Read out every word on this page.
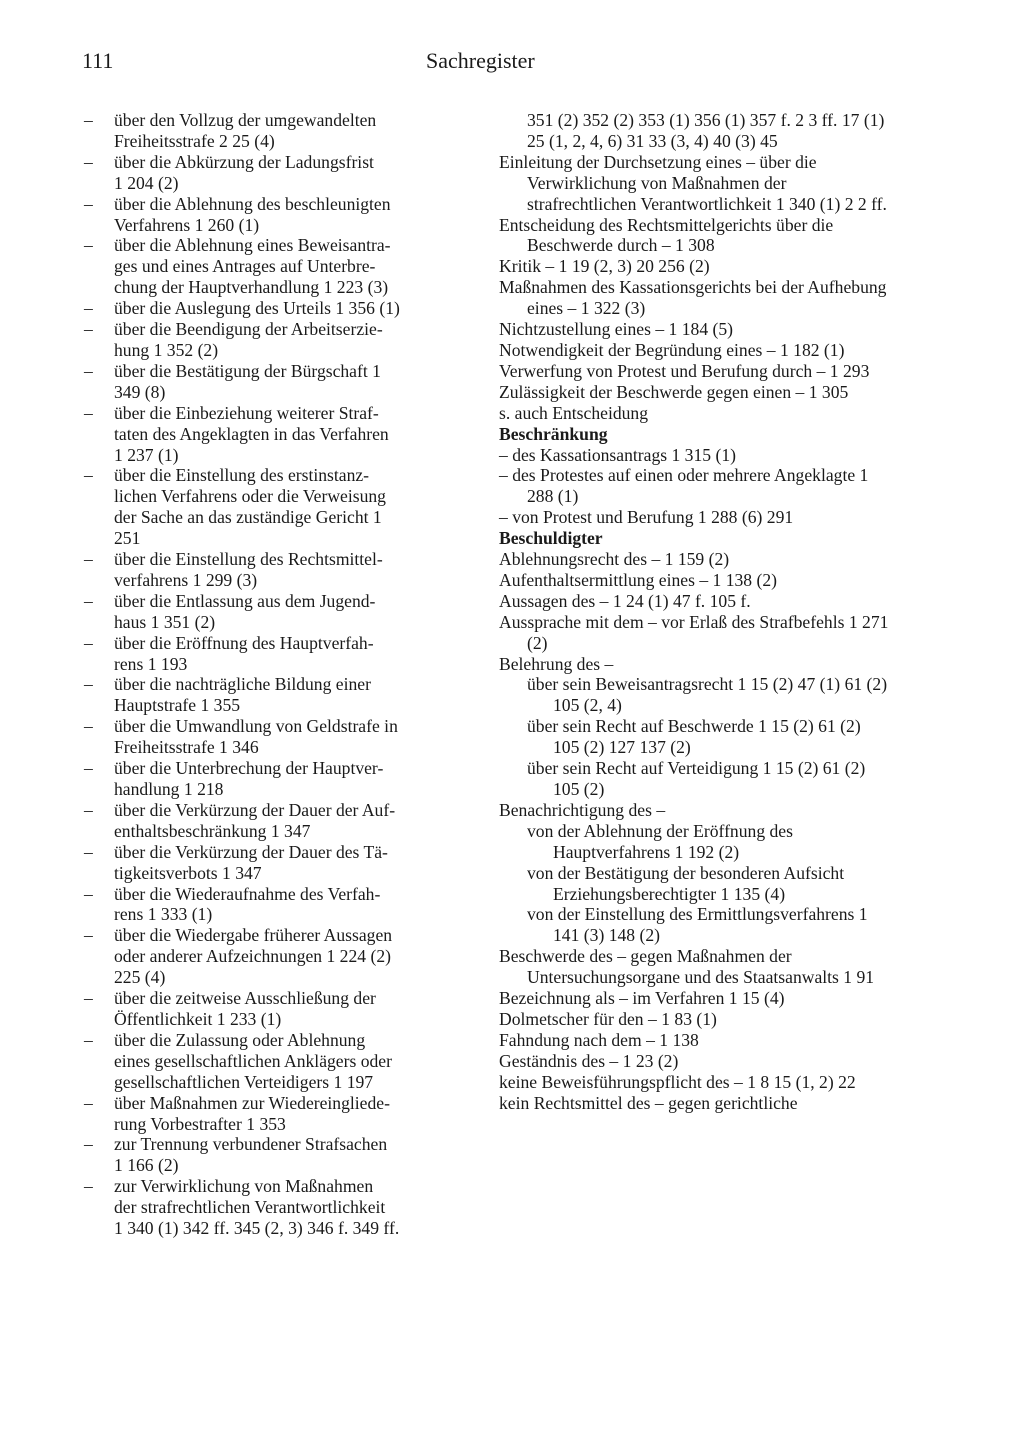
111	Sachregister
– über den Vollzug der umgewandelten
Freiheitsstrafe 2 25 (4)
– über die Abkürzung der Ladungsfrist
1 204 (2)
– über die Ablehnung des beschleunigten
Verfahrens 1 260 (1)
– über die Ablehnung eines Beweisantra-
ges und eines Antrages auf Unterbre-
chung der Hauptverhandlung 1 223 (3)
– über die Auslegung des Urteils 1 356 (1)
– über die Beendigung der Arbeitserzie-
hung 1 352 (2)
– über die Bestätigung der Bürgschaft 1
349 (8)
– über die Einbeziehung weiterer Straf-
taten des Angeklagten in das Verfahren
1 237 (1)
– über die Einstellung des erstinstanz-
lichen Verfahrens oder die Verweisung
der Sache an das zuständige Gericht 1
251
– über die Einstellung des Rechtsmittel-
verfahrens 1 299 (3)
– über die Entlassung aus dem Jugend-
haus 1 351 (2)
– über die Eröffnung des Hauptverfah-
rens 1 193
– über die nachträgliche Bildung einer
Hauptstrafe 1 355
– über die Umwandlung von Geldstrafe in
Freiheitsstrafe 1 346
– über die Unterbrechung der Hauptver-
handlung 1 218
– über die Verkürzung der Dauer der Auf-
enthaltsbeschränkung 1 347
– über die Verkürzung der Dauer des Tä-
tigkeitsverbots 1 347
– über die Wiederaufnahme des Verfah-
rens 1 333 (1)
– über die Wiedergabe früherer Aussagen
oder anderer Aufzeichnungen 1 224 (2)
225 (4)
– über die zeitweise Ausschließung der
Öffentlichkeit 1 233 (1)
– über die Zulassung oder Ablehnung
eines gesellschaftlichen Anklägers oder
gesellschaftlichen Verteidigers 1 197
– über Maßnahmen zur Wiedereingliede-
rung Vorbestrafter 1 353
– zur Trennung verbundener Strafsachen
1 166 (2)
– zur Verwirklichung von Maßnahmen
der strafrechtlichen Verantwortlichkeit
1 340 (1) 342 ff. 345 (2, 3) 346 f. 349 ff.
351 (2) 352 (2) 353 (1) 356 (1) 357 f. 2 3 ff. 17 (1) 25 (1, 2, 4, 6) 31 33 (3, 4) 40 (3) 45
Einleitung der Durchsetzung eines – über die Verwirklichung von Maßnahmen der strafrechtlichen Verantwortlichkeit 1 340 (1) 2 2 ff.
Entscheidung des Rechtsmittelgerichts über die Beschwerde durch – 1 308
Kritik – 1 19 (2, 3) 20 256 (2)
Maßnahmen des Kassationsgerichts bei der Aufhebung eines – 1 322 (3)
Nichtzustellung eines – 1 184 (5)
Notwendigkeit der Begründung eines – 1 182 (1)
Verwerfung von Protest und Berufung durch – 1 293
Zulässigkeit der Beschwerde gegen einen – 1 305
s. auch Entscheidung
Beschränkung
– des Kassationsantrags 1 315 (1)
– des Protestes auf einen oder mehrere Angeklagte 1 288 (1)
– von Protest und Berufung 1 288 (6) 291
Beschuldigter
Ablehnungsrecht des – 1 159 (2)
Aufenthaltsermittlung eines – 1 138 (2)
Aussagen des – 1 24 (1) 47 f. 105 f.
Aussprache mit dem – vor Erlaß des Strafbefehls 1 271 (2)
Belehrung des –
über sein Beweisantragsrecht 1 15 (2) 47 (1) 61 (2) 105 (2, 4)
über sein Recht auf Beschwerde 1 15 (2) 61 (2) 105 (2) 127 137 (2)
über sein Recht auf Verteidigung 1 15 (2) 61 (2) 105 (2)
Benachrichtigung des –
von der Ablehnung der Eröffnung des Hauptverfahrens 1 192 (2)
von der Bestätigung der besonderen Aufsicht Erziehungsberechtigter 1 135 (4)
von der Einstellung des Ermittlungsverfahrens 1 141 (3) 148 (2)
Beschwerde des – gegen Maßnahmen der Untersuchungsorgane und des Staatsanwalts 1 91
Bezeichnung als – im Verfahren 1 15 (4)
Dolmetscher für den – 1 83 (1)
Fahndung nach dem – 1 138
Geständnis des – 1 23 (2)
keine Beweisführungspflicht des – 1 8 15 (1, 2) 22
kein Rechtsmittel des – gegen gerichtliche
